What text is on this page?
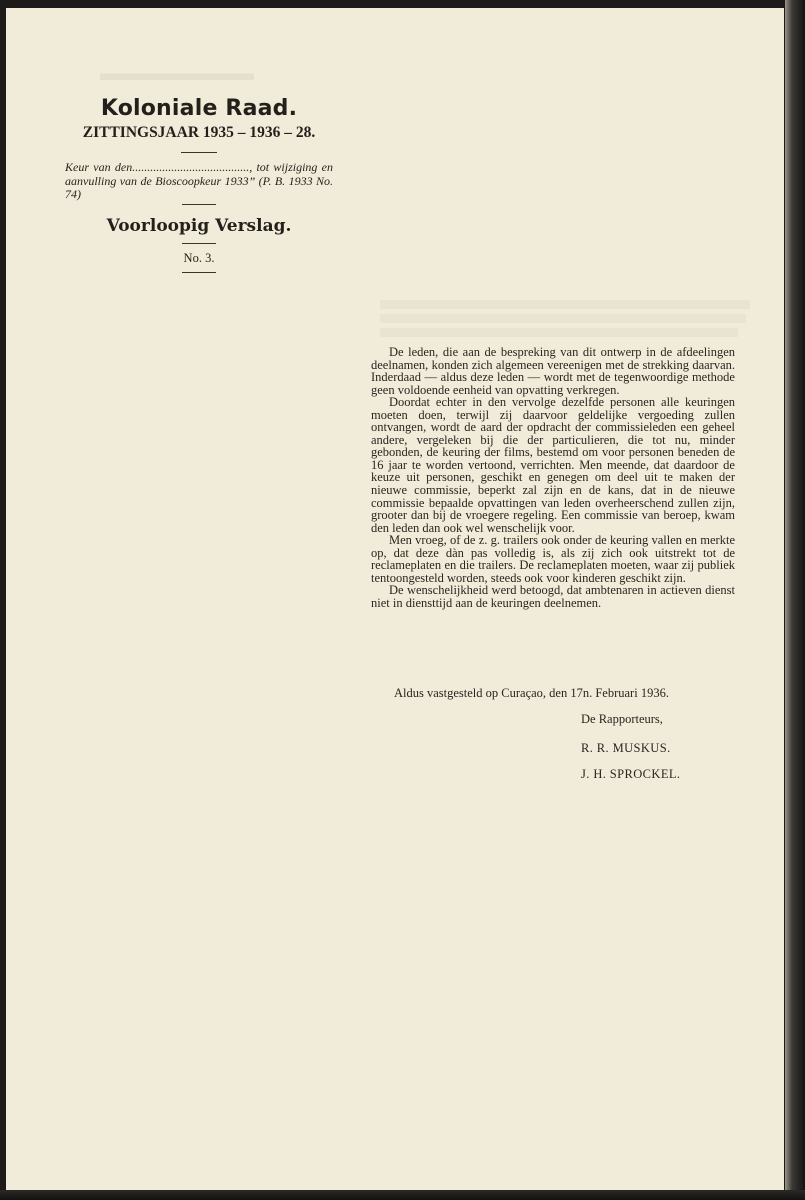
▬▬▬▬▬▬▬
Koloniale Raad.
ZITTINGSJAAR 1935 – 1936 – 28.

Keur van den......................................., tot wijziging en aanvulling van de Bioscoopkeur 1933” (P. B. 1933 No. 74)

Voorloopig Verslag.
No. 3.

De leden, die aan de bespreking van dit ontwerp in de afdeelingen deelnamen, konden zich algemeen vereenigen met de strekking daarvan. Inderdaad — aldus deze leden — wordt met de tegenwoordige methode geen voldoende eenheid van opvatting verkregen.

Doordat echter in den vervolge dezelfde personen alle keuringen moeten doen, terwijl zij daarvoor geldelijke vergoeding zullen ontvangen, wordt de aard der opdracht der commissieleden een geheel andere, vergeleken bij die der particulieren, die tot nu, minder gebonden, de keuring der films, bestemd om voor personen beneden de 16 jaar te worden vertoond, verrichten. Men meende, dat daardoor de keuze uit personen, geschikt en genegen om deel uit te maken der nieuwe commissie, beperkt zal zijn en de kans, dat in de nieuwe commissie bepaalde opvattingen van leden overheerschend zullen zijn, grooter dan bij de vroegere regeling. Een commissie van beroep, kwam den leden dan ook wel wenschelijk voor.

Men vroeg, of de z. g. trailers ook onder de keuring vallen en merkte op, dat deze dàn pas volledig is, als zij zich ook uitstrekt tot de reclameplaten en die trailers. De reclameplaten moeten, waar zij publiek tentoongesteld worden, steeds ook voor kinderen geschikt zijn.

De wenschelijkheid werd betoogd, dat ambtenaren in actieven dienst niet in diensttijd aan de keuringen deelnemen.

Aldus vastgesteld op Curaçao, den 17n. Februari 1936.
De Rapporteurs,
R. R. MUSKUS.
J. H. SPROCKEL.
